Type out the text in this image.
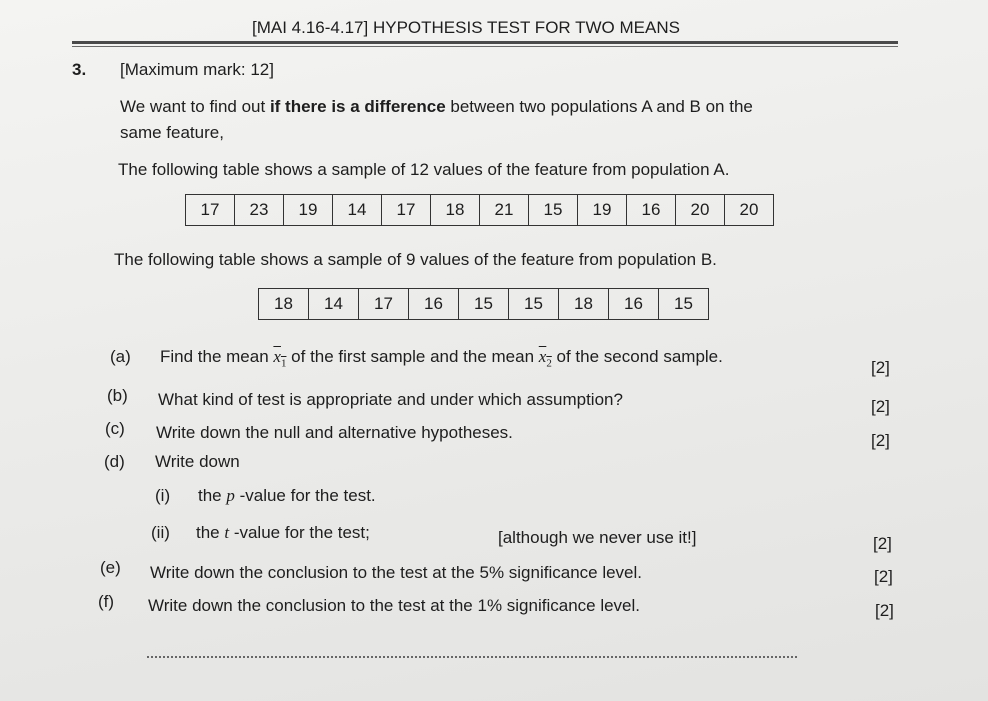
[MAI 4.16-4.17] HYPOTHESIS TEST FOR TWO MEANS
3. [Maximum mark: 12]
We want to find out if there is a difference between two populations A and B on the
same feature,
The following table shows a sample of 12 values of the feature from population A.
17	23	19	14	17	18	21	15	19	16	20	20
The following table shows a sample of 9 values of the feature from population B.
18	14	17	16	15	15	18	16	15
(a) Find the mean $x_1$ of the first sample and the mean $x_2$ of the second sample.
[2]
(b) What kind of test is appropriate and under which assumption?	[2]
(c) Write down the null and alternative hypotheses.	[2]
(d) Write down
(i) the p -value for the test.
(ii) the t -value for the test;	[although we never use it!]	[2]
(e) Write down the conclusion to the test at the 5% significance level.	[2]
(f) Write down the conclusion to the test at the 1% significance level.	[2]
